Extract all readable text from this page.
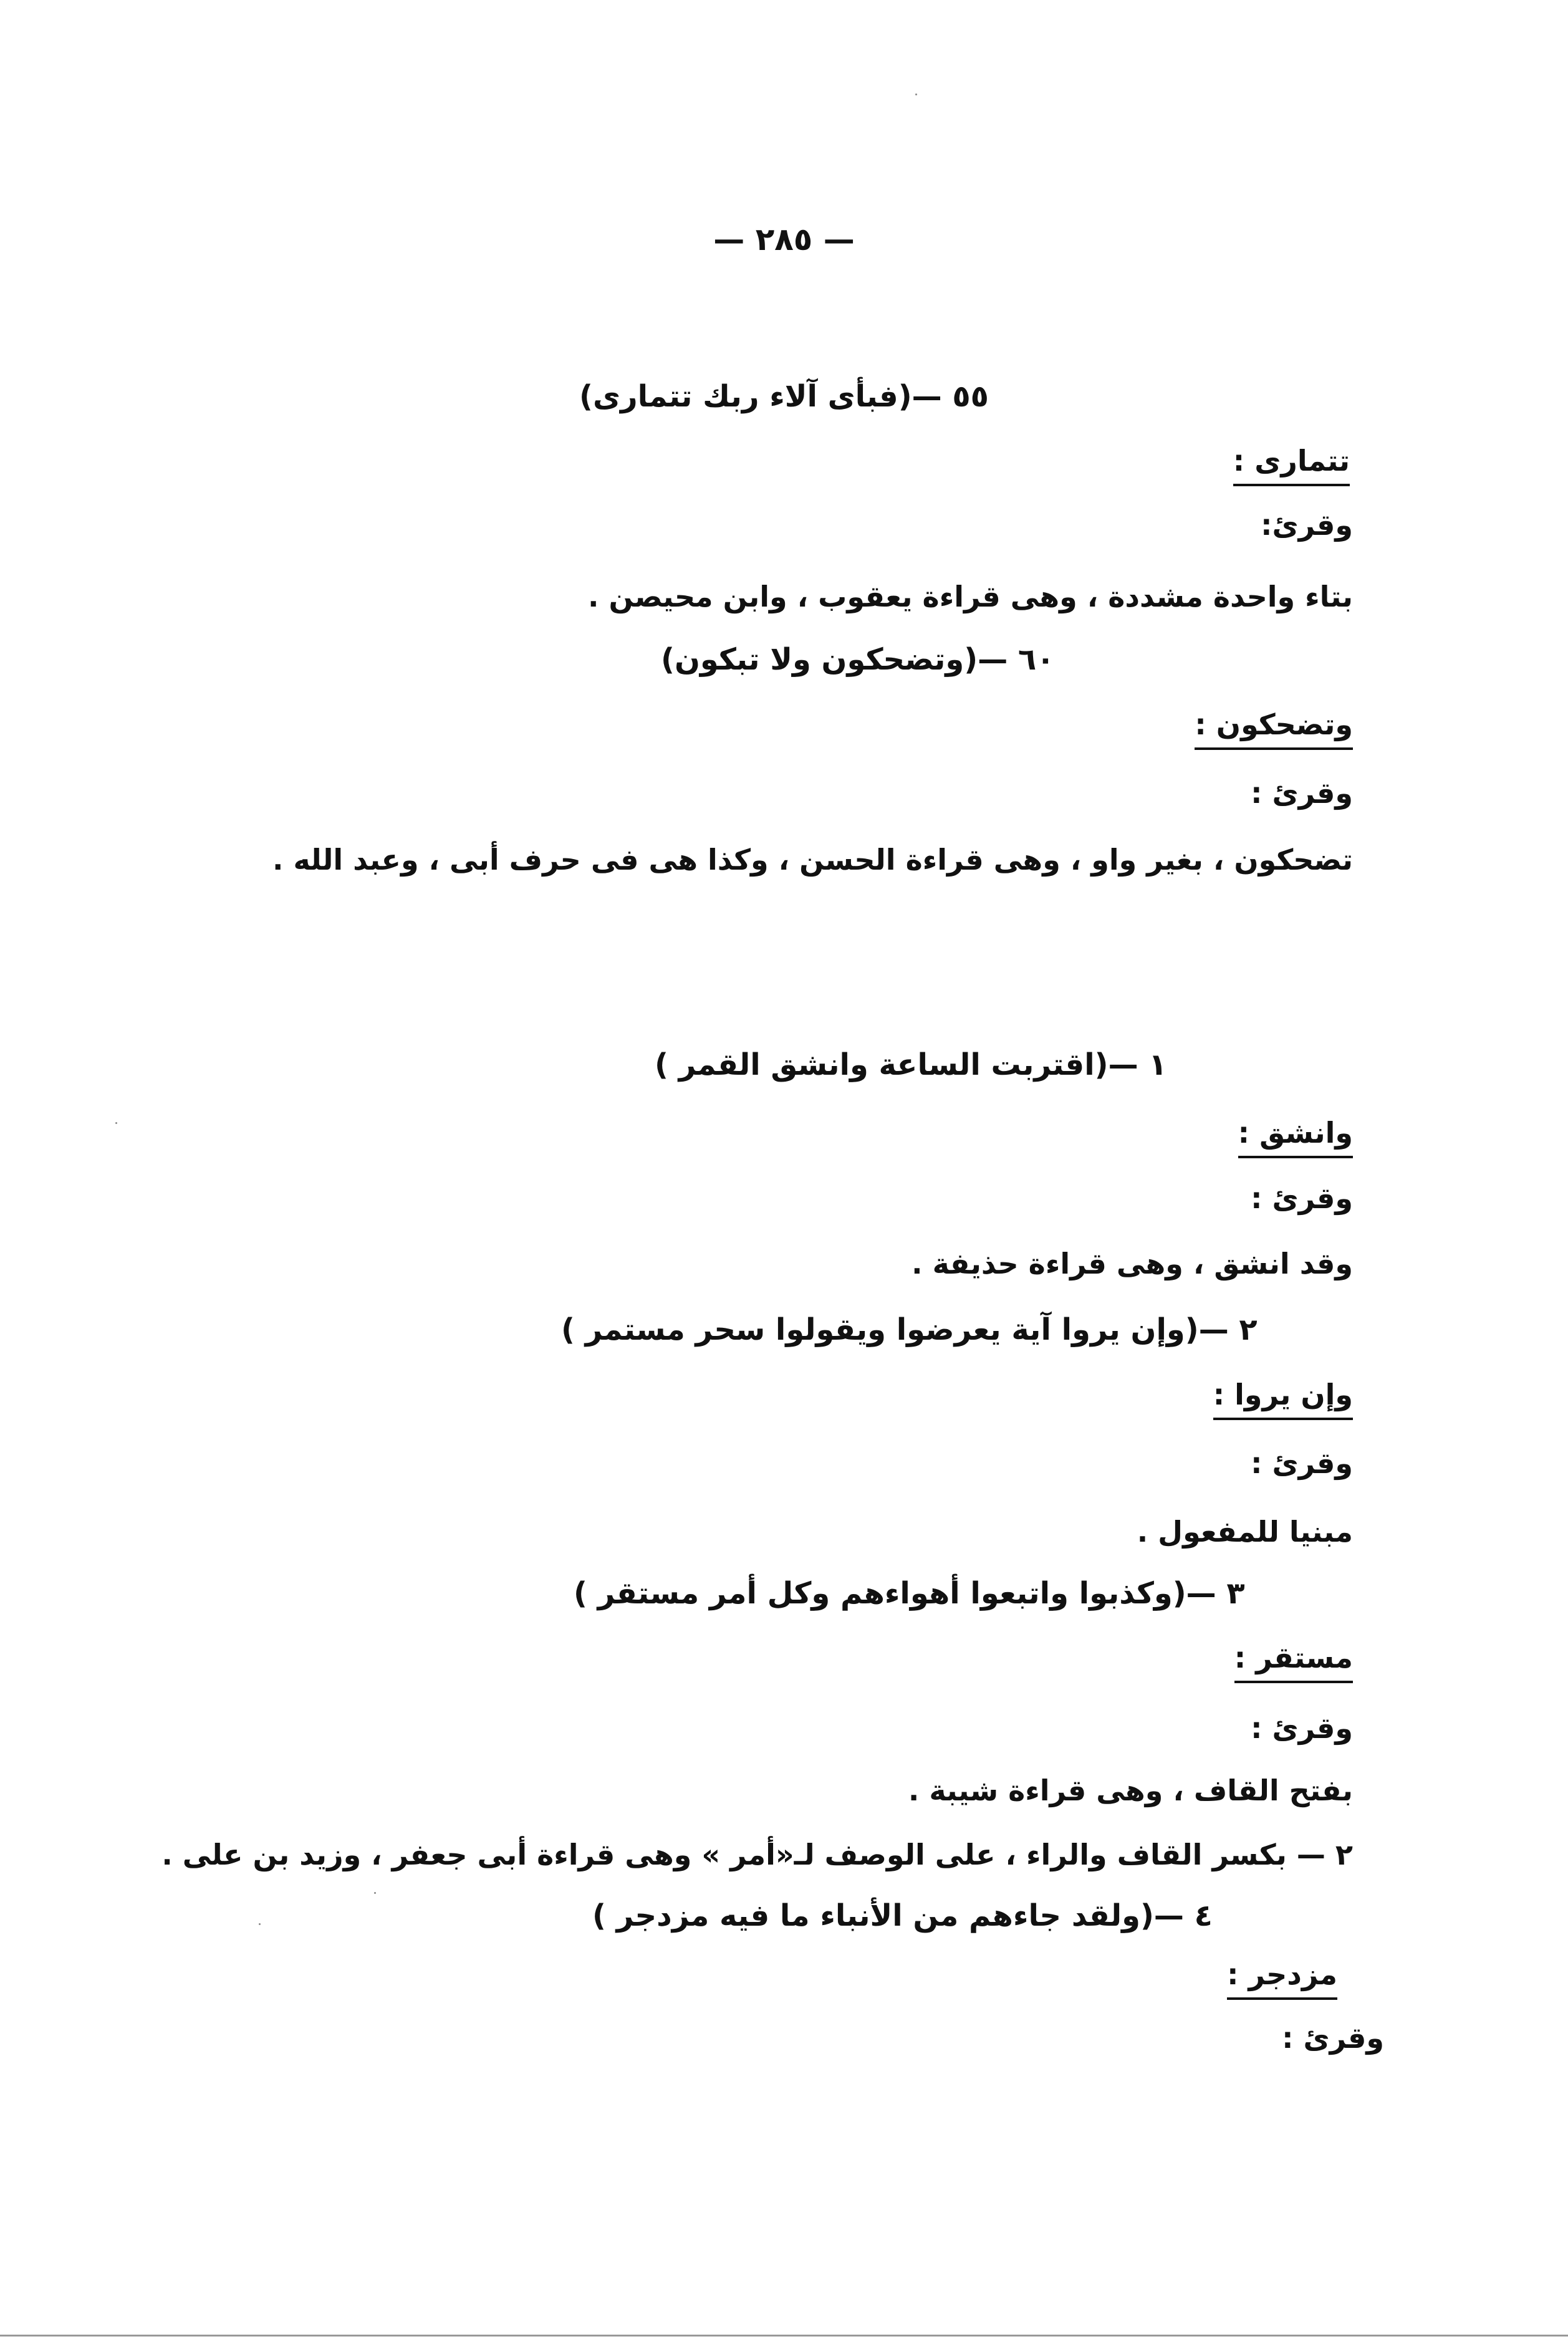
— ٢٨٥ —
٥٥ —(فبأى آلاء ربك تتمارى)
تتمارى :
وقرئ:
بتاء واحدة مشددة ، وهى قراءة يعقوب ، وابن محيصن .
٦٠ —(وتضحكون ولا تبكون)
وتضحكون :
وقرئ :
تضحكون ، بغير واو ، وهى قراءة الحسن ، وكذا هى فى حرف أبى ، وعبد الله .
١ —(اقتربت الساعة وانشق القمر )
وانشق :
وقرئ :
وقد انشق ، وهى قراءة حذيفة .
٢ —(وإن يروا آية يعرضوا ويقولوا سحر مستمر )
وإن يروا :
وقرئ :
مبنيا للمفعول .
٣ —(وكذبوا واتبعوا أهواءهم وكل أمر مستقر )
مستقر :
وقرئ :
بفتح القاف ، وهى قراءة شيبة .
٢ — بكسر القاف والراء ، على الوصف لـ«أمر » وهى قراءة أبى جعفر ، وزيد بن على .
٤ —(ولقد جاءهم من الأنباء ما فيه مزدجر )
مزدجر :
وقرئ :
